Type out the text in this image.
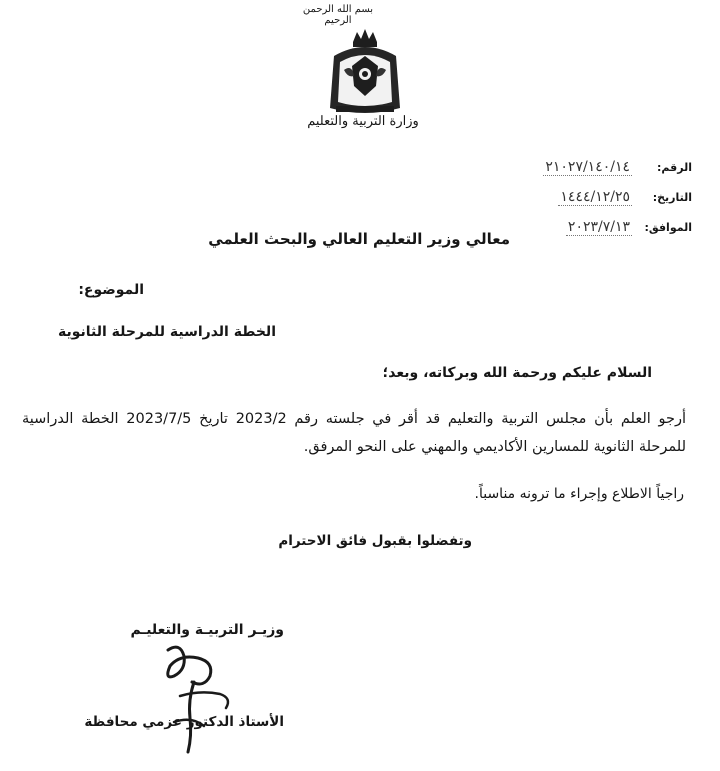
بسم الله الرحمن الرحيم
وزارة التربية والتعليم
الرقم:
٢١٠٢٧/١٤٠/١٤
التاريخ:
١٤٤٤/١٢/٢٥
الموافق:
٢٠٢٣/٧/١٣
معالي وزير التعليم العالي والبحث العلمي
الموضوع:
الخطة الدراسية للمرحلة الثانوية
السلام عليكم ورحمة الله وبركاته، وبعد؛
أرجو العلم بأن مجلس التربية والتعليم قد أقر في جلسته رقم 2023/2 تاريخ 2023/7/5 الخطة الدراسية للمرحلة الثانوية للمسارين الأكاديمي والمهني على النحو المرفق.
راجياً الاطلاع وإجراء ما ترونه مناسباً.
وتفضلوا بقبول فائق الاحترام
وزيـر التربيـة والتعليـم
الأستاذ الدكتور عزمي محافظة
